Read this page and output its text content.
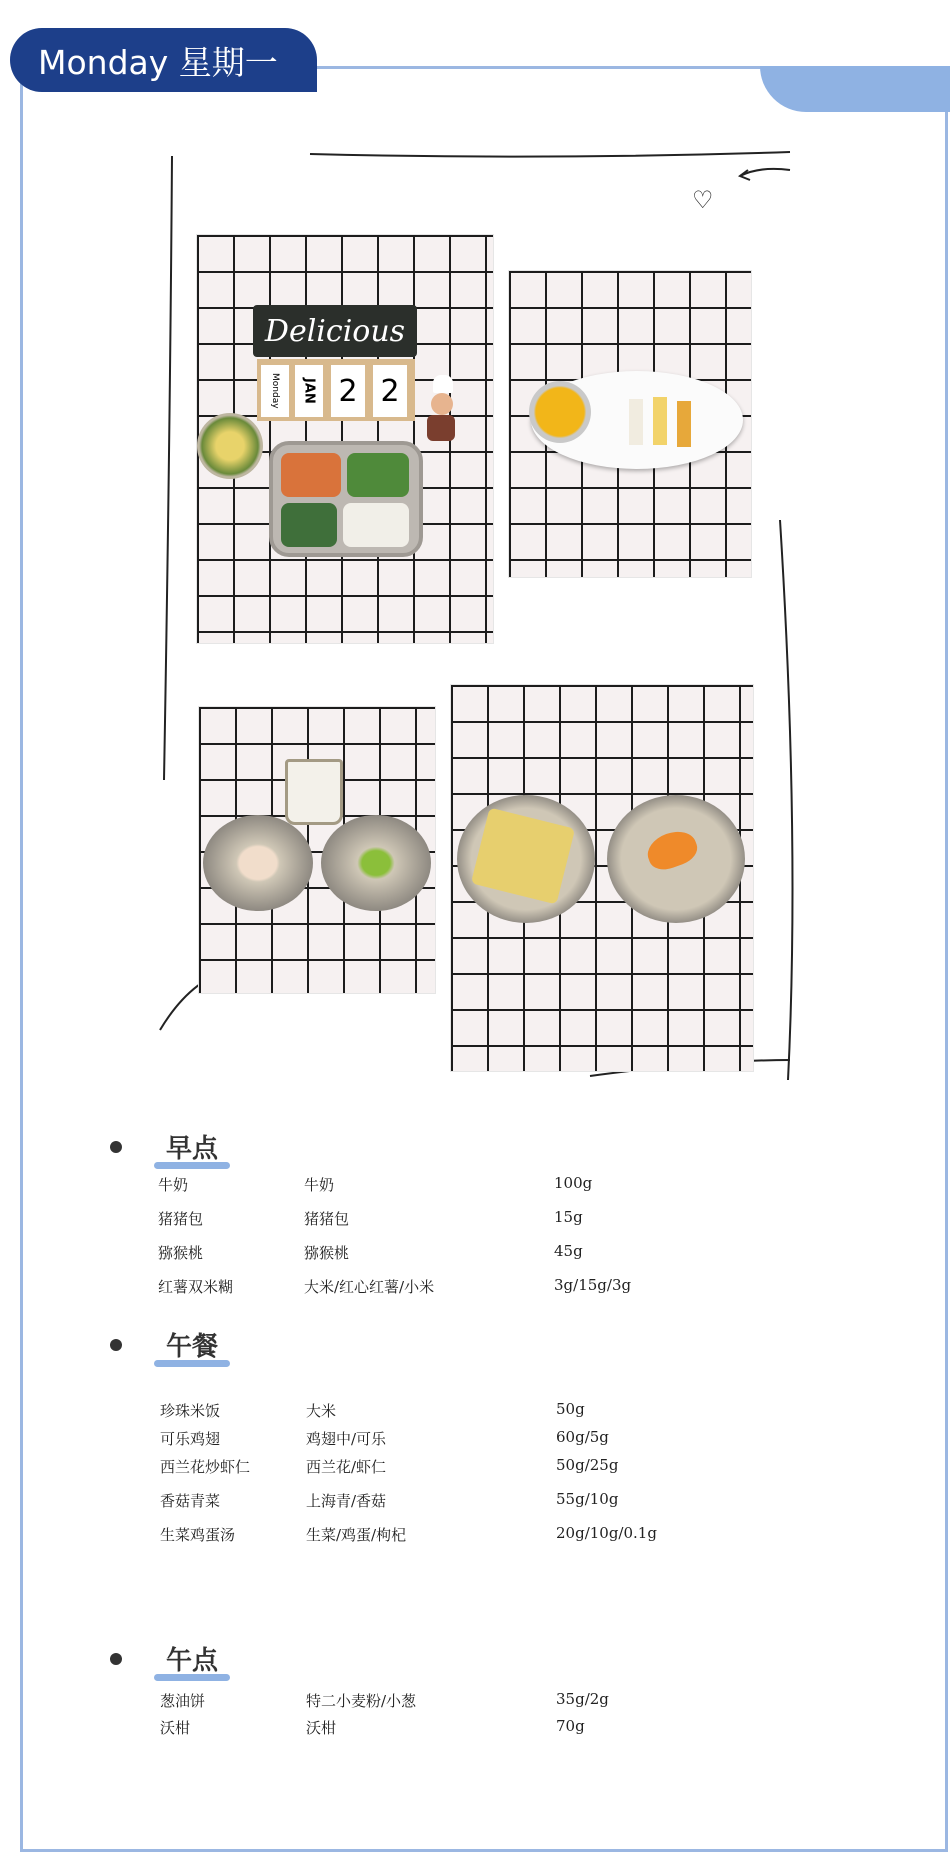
Monday 星期一
♡
Delicious
Monday	JAN 2 2
早点
牛奶	牛奶	100g
猪猪包	猪猪包	15g
猕猴桃	猕猴桃	45g
红薯双米糊	大米/红心红薯/小米	3g/15g/3g
午餐
珍珠米饭	大米	50g
可乐鸡翅	鸡翅中/可乐	60g/5g
西兰花炒虾仁	西兰花/虾仁	50g/25g
香菇青菜	上海青/香菇	55g/10g
生菜鸡蛋汤	生菜/鸡蛋/枸杞	20g/10g/0.1g
午点
葱油饼	特二小麦粉/小葱	35g/2g
沃柑	沃柑	70g
